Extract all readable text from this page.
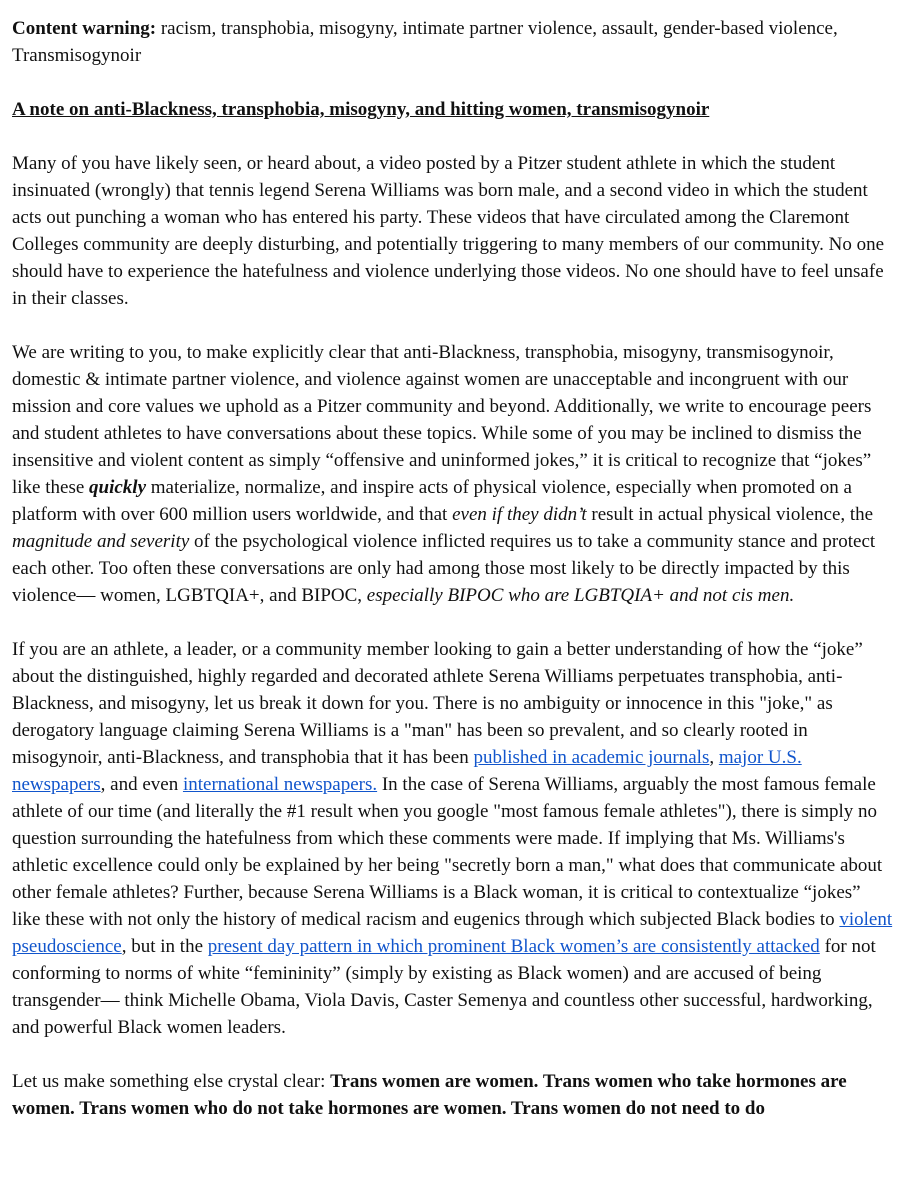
Content warning: racism, transphobia, misogyny, intimate partner violence, assault, gender-based violence, Transmisogynoir

A note on anti-Blackness, transphobia, misogyny, and hitting women, transmisogynoir

Many of you have likely seen, or heard about, a video posted by a Pitzer student athlete in which the student insinuated (wrongly) that tennis legend Serena Williams was born male, and a second video in which the student acts out punching a woman who has entered his party. These videos that have circulated among the Claremont Colleges community are deeply disturbing, and potentially triggering to many members of our community. No one should have to experience the hatefulness and violence underlying those videos. No one should have to feel unsafe in their classes.

We are writing to you, to make explicitly clear that anti-Blackness, transphobia, misogyny, transmisogynoir, domestic & intimate partner violence, and violence against women are unacceptable and incongruent with our mission and core values we uphold as a Pitzer community and beyond. Additionally, we write to encourage peers and student athletes to have conversations about these topics. While some of you may be inclined to dismiss the insensitive and violent content as simply “offensive and uninformed jokes,” it is critical to recognize that “jokes” like these quickly materialize, normalize, and inspire acts of physical violence, especially when promoted on a platform with over 600 million users worldwide, and that even if they didn’t result in actual physical violence, the magnitude and severity of the psychological violence inflicted requires us to take a community stance and protect each other. Too often these conversations are only had among those most likely to be directly impacted by this violence— women, LGBTQIA+, and BIPOC, especially BIPOC who are LGBTQIA+ and not cis men.

If you are an athlete, a leader, or a community member looking to gain a better understanding of how the “joke” about the distinguished, highly regarded and decorated athlete Serena Williams perpetuates transphobia, anti-Blackness, and misogyny, let us break it down for you. There is no ambiguity or innocence in this "joke," as derogatory language claiming Serena Williams is a "man" has been so prevalent, and so clearly rooted in misogynoir, anti-Blackness, and transphobia that it has been published in academic journals, major U.S. newspapers, and even international newspapers. In the case of Serena Williams, arguably the most famous female athlete of our time (and literally the #1 result when you google "most famous female athletes"), there is simply no question surrounding the hatefulness from which these comments were made. If implying that Ms. Williams's athletic excellence could only be explained by her being "secretly born a man," what does that communicate about other female athletes? Further, because Serena Williams is a Black woman, it is critical to contextualize “jokes” like these with not only the history of medical racism and eugenics through which subjected Black bodies to violent pseudoscience, but in the present day pattern in which prominent Black women’s are consistently attacked for not conforming to norms of white “femininity” (simply by existing as Black women) and are accused of being transgender— think Michelle Obama, Viola Davis, Caster Semenya and countless other successful, hardworking, and powerful Black women leaders.

Let us make something else crystal clear: Trans women are women. Trans women who take hormones are women. Trans women who do not take hormones are women. Trans women do not need to do
